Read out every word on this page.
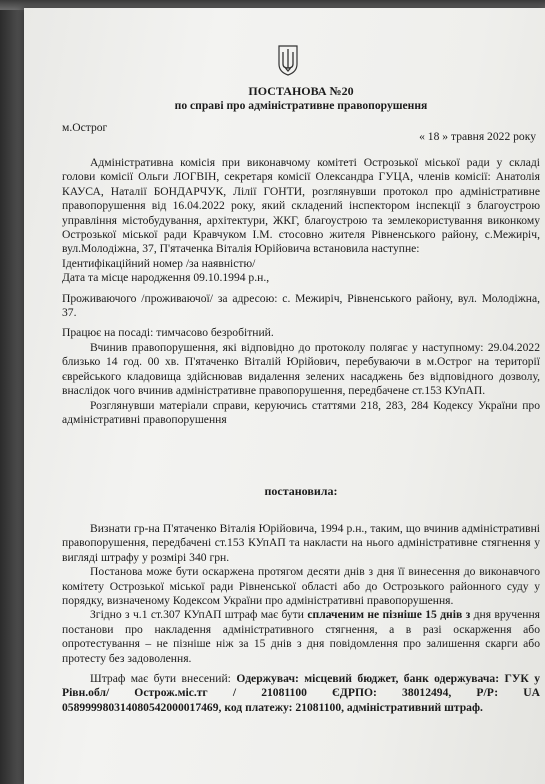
ПОСТАНОВА №20
по справі про адміністративне правопорушення
м.Острог
« 18 » травня 2022 року

Адміністративна комісія при виконавчому комітеті Острозької міської ради у складі голови комісії Ольги ЛОГВІН, секретаря комісії Олександра ГУЦА, членів комісії: Анатолія КАУСА, Наталії БОНДАРЧУК, Лілії ГОНТИ, розглянувши протокол про адміністративне правопорушення від 16.04.2022 року, який складений інспектором інспекції з благоустрою управління містобудування, архітектури, ЖКГ, благоустрою та землекористування виконкому Острозької міської ради Кравчуком І.М. стосовно жителя Рівненського району, с.Межиріч, вул.Молодіжна, 37, П'ятаченка Віталія Юрійовича встановила наступне:

Ідентифікаційний номер /за наявністю/

Дата та місце народження 09.10.1994 р.н.,

Проживаючого /проживаючої/ за адресою: с. Межиріч, Рівненського району, вул. Молодіжна, 37.

Працює на посаді: тимчасово безробітний.

Вчинив правопорушення, які відповідно до протоколу полягає у наступному: 29.04.2022 близько 14 год. 00 хв. П'ятаченко Віталій Юрійович, перебуваючи в м.Острог на території єврейського кладовища здійснював видалення зелених насаджень без відповідного дозволу, внаслідок чого вчинив адміністративне правопорушення, передбачене ст.153 КУпАП.

Розглянувши матеріали справи, керуючись статтями 218, 283, 284 Кодексу України про адміністративні правопорушення

постановила:

Визнати гр-на П'ятаченко Віталія Юрійовича, 1994 р.н., таким, що вчинив адміністративні правопорушення, передбачені ст.153 КУпАП та накласти на нього адміністративне стягнення у вигляді штрафу у розмірі 340 грн.

Постанова може бути оскаржена протягом десяти днів з дня її винесення до виконавчого комітету Острозької міської ради Рівненської області або до Острозького районного суду у порядку, визначеному Кодексом України про адміністративні правопорушення.

Згідно з ч.1 ст.307 КУпАП штраф має бути сплаченим не пізніше 15 днів з дня вручення постанови про накладення адміністративного стягнення, а в разі оскарження або опротестування – не пізніше ніж за 15 днів з дня повідомлення про залишення скарги або протесту без задоволення.

Штраф має бути внесений: Одержувач: місцевий бюджет, банк одержувача: ГУК у Рівн.обл/ Острож.міс.тг / 21081100 ЄДРПО: 38012494, Р/Р: UA 058999980314080542000017469, код платежу: 21081100, адміністративний штраф.
